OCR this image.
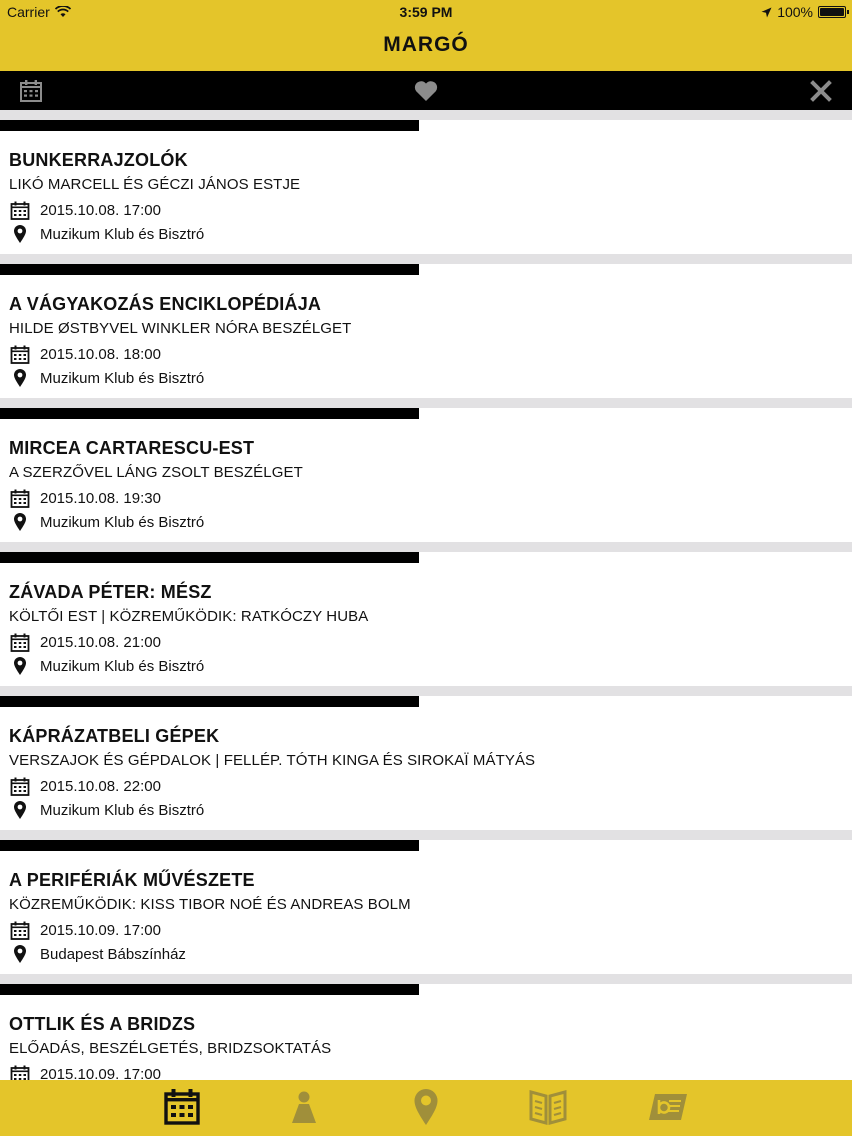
Carrier	3:59 PM	100%
MARGÓ
BUNKERRAJZOLÓK
LIKÓ MARCELL ÉS GÉCZI JÁNOS ESTJE
2015.10.08. 17:00
Muzikum Klub és Bisztró
A VÁGYAKOZÁS ENCIKLOPÉDIÁJA
HILDE ØSTBYVEL WINKLER NÓRA BESZÉLGET
2015.10.08. 18:00
Muzikum Klub és Bisztró
MIRCEA CARTARESCU-EST
A SZERZŐVEL LÁNG ZSOLT BESZÉLGET
2015.10.08. 19:30
Muzikum Klub és Bisztró
ZÁVADA PÉTER: MÉSZ
KÖLTŐI EST | KÖZREMŰKÖDIK: RATKÓCZY HUBA
2015.10.08. 21:00
Muzikum Klub és Bisztró
KÁPRÁZATBELI GÉPEK
VERSZAJOK ÉS GÉPDALOK | FELLÉP. TÓTH KINGA ÉS SIROKAÏ MÁTYÁS
2015.10.08. 22:00
Muzikum Klub és Bisztró
A PERIFÉRIÁK MŰVÉSZETE
KÖZREMŰKÖDIK: KISS TIBOR NOÉ ÉS ANDREAS BOLM
2015.10.09. 17:00
Budapest Bábszínház
OTTLIK ÉS A BRIDZS
ELŐADÁS, BESZÉLGETÉS, BRIDZSOKTATÁS
2015.10.09. 17:00
